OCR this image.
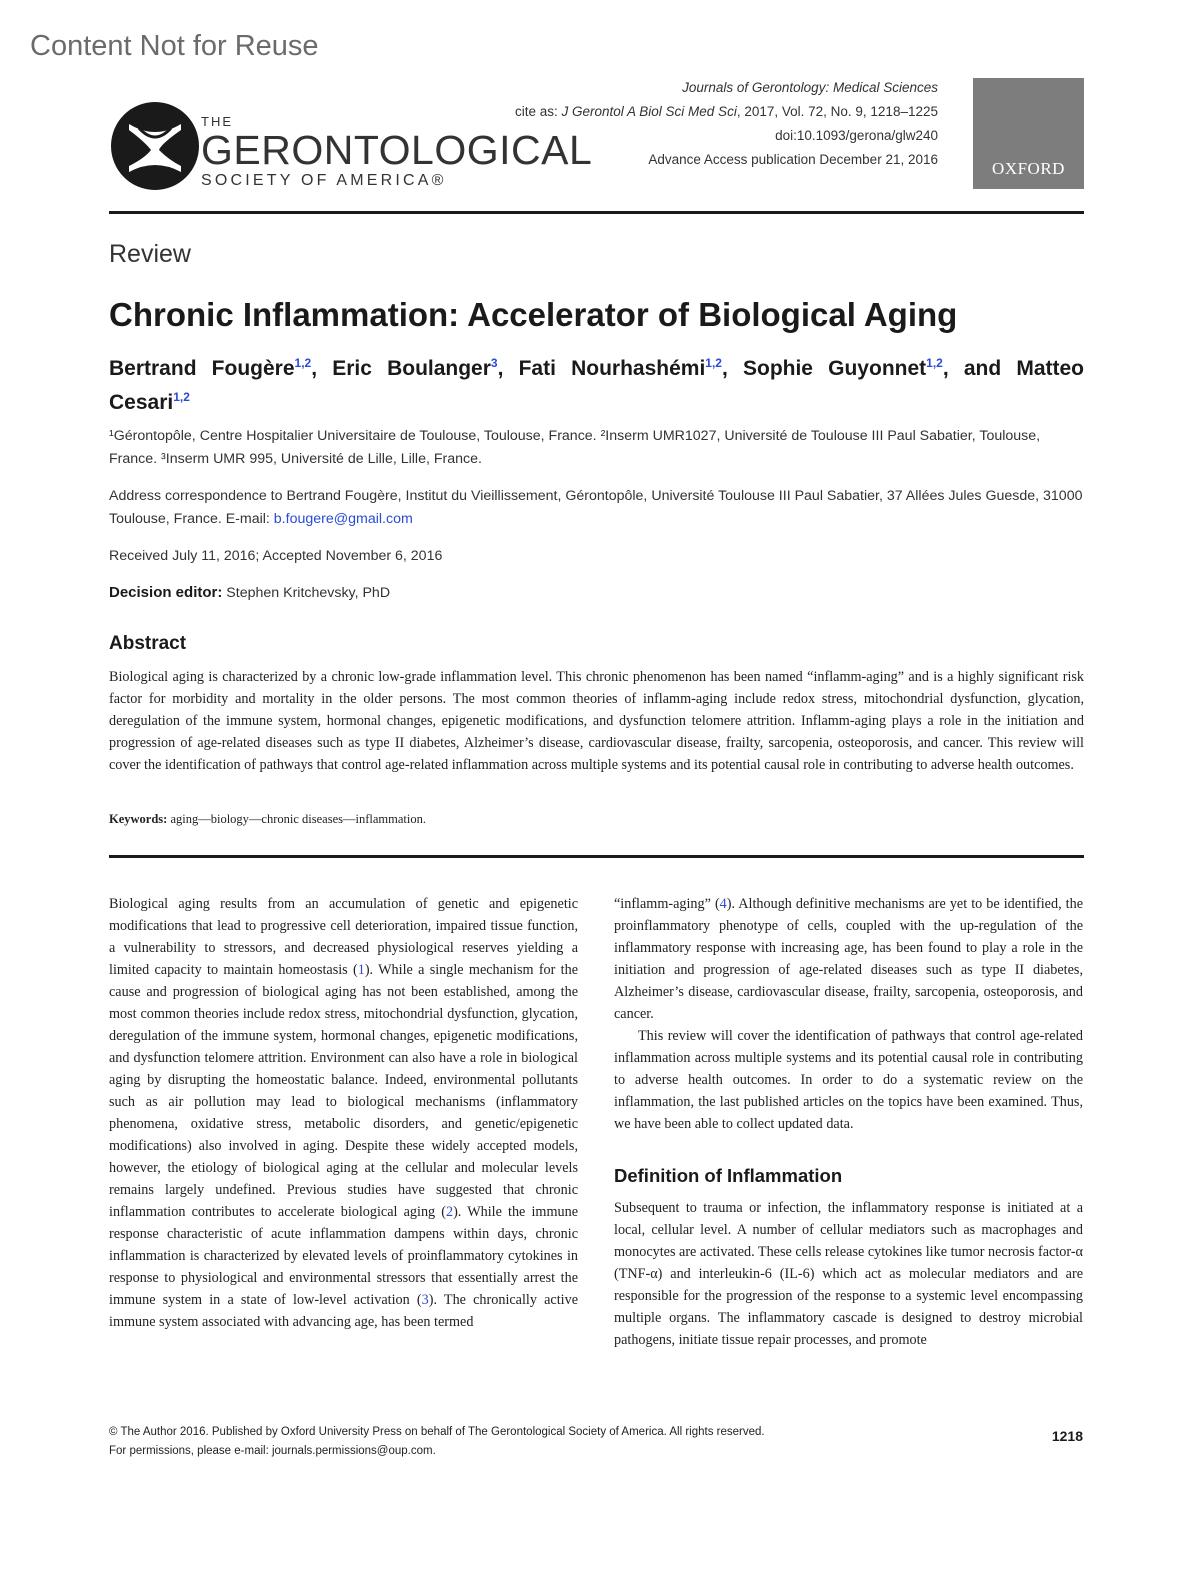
Content Not for Reuse
THE
GERONTOLOGICAL
SOCIETY OF AMERICA®
Journals of Gerontology: Medical Sciences
cite as: J Gerontol A Biol Sci Med Sci, 2017, Vol. 72, No. 9, 1218–1225
doi:10.1093/gerona/glw240
Advance Access publication December 21, 2016	OXFORD
Review
Chronic Inflammation: Accelerator of Biological Aging
Bertrand Fougère$^{1,2}$, Eric Boulanger$^3$, Fati Nourhashémi$^{1,2}$, Sophie Guyonnet$^{1,2}$, and Matteo Cesari$^{1,2}$
¹Gérontopôle, Centre Hospitalier Universitaire de Toulouse, Toulouse, France. ²Inserm UMR1027, Université de Toulouse III Paul Sabatier, Toulouse, France. ³Inserm UMR 995, Université de Lille, Lille, France.
Address correspondence to Bertrand Fougère, Institut du Vieillissement, Gérontopôle, Université Toulouse III Paul Sabatier, 37 Allées Jules Guesde, 31000 Toulouse, France. E-mail: b.fougere@gmail.com
Received July 11, 2016; Accepted November 6, 2016
Decision editor: Stephen Kritchevsky, PhD
Abstract
Biological aging is characterized by a chronic low-grade inflammation level. This chronic phenomenon has been named “inflamm-aging” and is a highly significant risk factor for morbidity and mortality in the older persons. The most common theories of inflamm-aging include redox stress, mitochondrial dysfunction, glycation, deregulation of the immune system, hormonal changes, epigenetic modifications, and dysfunction telomere attrition. Inflamm-aging plays a role in the initiation and progression of age-related diseases such as type II diabetes, Alzheimer’s disease, cardiovascular disease, frailty, sarcopenia, osteoporosis, and cancer. This review will cover the identification of pathways that control age-related inflammation across multiple systems and its potential causal role in contributing to adverse health outcomes.
Keywords: aging—biology—chronic diseases—inflammation.

Biological aging results from an accumulation of genetic and epigenetic modifications that lead to progressive cell deterioration, impaired tissue function, a vulnerability to stressors, and decreased physiological reserves yielding a limited capacity to maintain homeostasis (1). While a single mechanism for the cause and progression of biological aging has not been established, among the most common theories include redox stress, mitochondrial dysfunction, glycation, deregulation of the immune system, hormonal changes, epigenetic modifications, and dysfunction telomere attrition. Environment can also have a role in biological aging by disrupting the homeostatic balance. Indeed, environmental pollutants such as air pollution may lead to biological mechanisms (inflammatory phenomena, oxidative stress, metabolic disorders, and genetic/epigenetic modifications) also involved in aging. Despite these widely accepted models, however, the etiology of biological aging at the cellular and molecular levels remains largely undefined. Previous studies have suggested that chronic inflammation contributes to accelerate biological aging (2). While the immune response characteristic of acute inflammation dampens within days, chronic inflammation is characterized by elevated levels of proinflammatory cytokines in response to physiological and environmental stressors that essentially arrest the immune system in a state of low-level activation (3). The chronically active immune system associated with advancing age, has been termed

“inflamm-aging” (4). Although definitive mechanisms are yet to be identified, the proinflammatory phenotype of cells, coupled with the up-regulation of the inflammatory response with increasing age, has been found to play a role in the initiation and progression of age-related diseases such as type II diabetes, Alzheimer’s disease, cardiovascular disease, frailty, sarcopenia, osteoporosis, and cancer.

This review will cover the identification of pathways that control age-related inflammation across multiple systems and its potential causal role in contributing to adverse health outcomes. In order to do a systematic review on the inflammation, the last published articles on the topics have been examined. Thus, we have been able to collect updated data.

Definition of Inflammation

Subsequent to trauma or infection, the inflammatory response is initiated at a local, cellular level. A number of cellular mediators such as macrophages and monocytes are activated. These cells release cytokines like tumor necrosis factor-α (TNF-α) and interleukin-6 (IL-6) which act as molecular mediators and are responsible for the progression of the response to a systemic level encompassing multiple organs. The inflammatory cascade is designed to destroy microbial pathogens, initiate tissue repair processes, and promote

© The Author 2016. Published by Oxford University Press on behalf of The Gerontological Society of America. All rights reserved.
For permissions, please e-mail: journals.permissions@oup.com.
1218
